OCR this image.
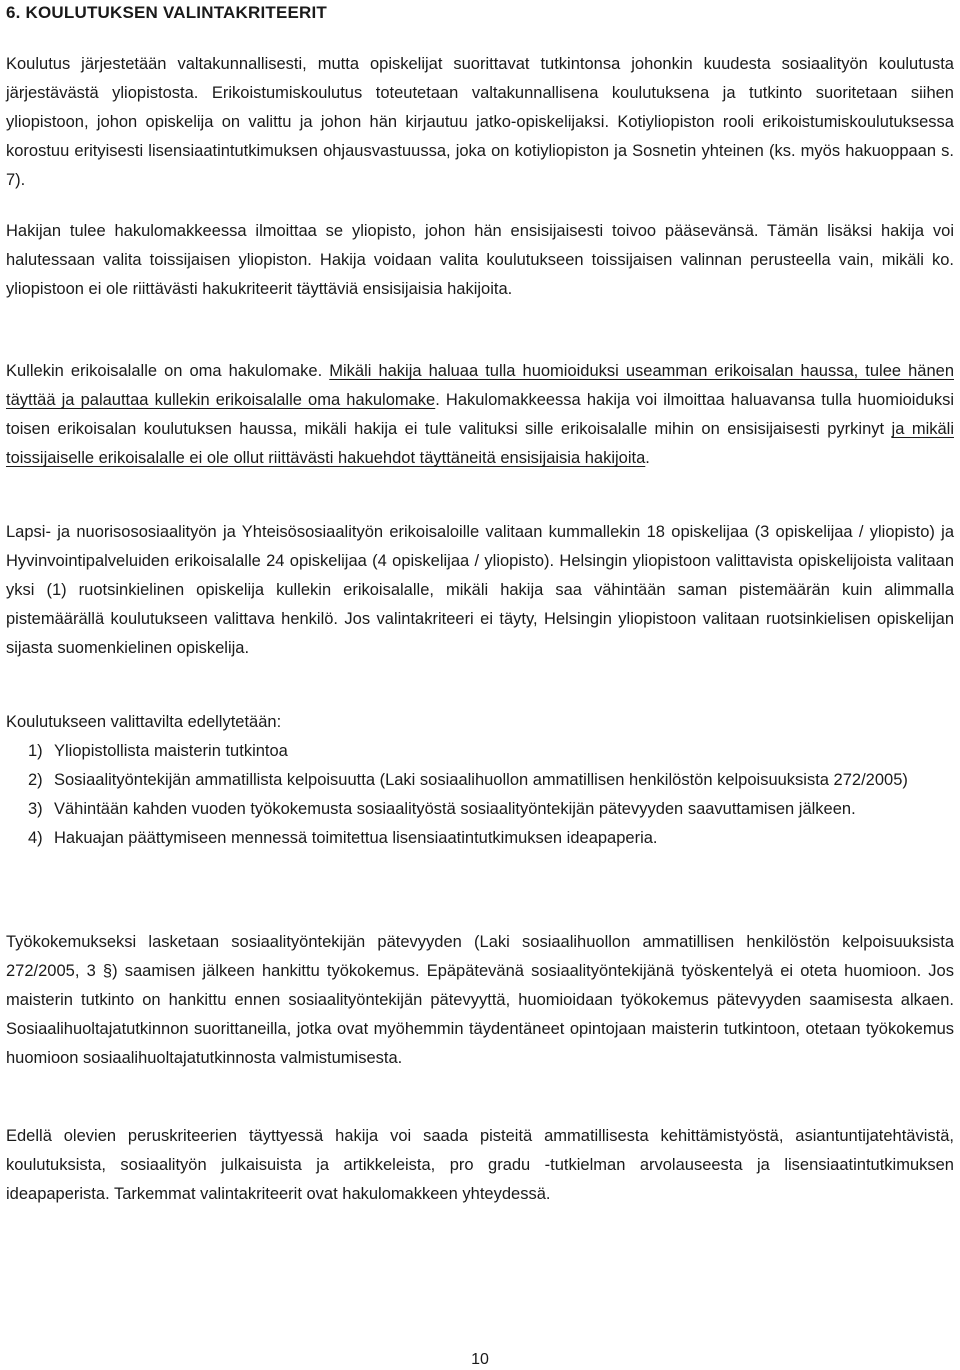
6. KOULUTUKSEN VALINTAKRITEERIT

Koulutus järjestetään valtakunnallisesti, mutta opiskelijat suorittavat tutkintonsa johonkin kuudesta sosiaalityön koulutusta järjestävästä yliopistosta. Erikoistumiskoulutus toteutetaan valtakunnallisena koulutuksena ja tutkinto suoritetaan siihen yliopistoon, johon opiskelija on valittu ja johon hän kirjautuu jatko-opiskelijaksi. Kotiyliopiston rooli erikoistumiskoulutuksessa korostuu erityisesti lisensiaatintutkimuksen ohjausvastuussa, joka on kotiyliopiston ja Sosnetin yhteinen (ks. myös hakuoppaan s. 7).

Hakijan tulee hakulomakkeessa ilmoittaa se yliopisto, johon hän ensisijaisesti toivoo pääsevänsä. Tämän lisäksi hakija voi halutessaan valita toissijaisen yliopiston. Hakija voidaan valita koulutukseen toissijaisen valinnan perusteella vain, mikäli ko. yliopistoon ei ole riittävästi hakukriteerit täyttäviä ensisijaisia hakijoita.

Kullekin erikoisalalle on oma hakulomake. Mikäli hakija haluaa tulla huomioiduksi useamman erikoisalan haussa, tulee hänen täyttää ja palauttaa kullekin erikoisalalle oma hakulomake. Hakulomakkeessa hakija voi ilmoittaa haluavansa tulla huomioiduksi toisen erikoisalan koulutuksen haussa, mikäli hakija ei tule valituksi sille erikoisalalle mihin on ensisijaisesti pyrkinyt ja mikäli toissijaiselle erikoisalalle ei ole ollut riittävästi hakuehdot täyttäneitä ensisijaisia hakijoita.

Lapsi- ja nuorisososiaalityön ja Yhteisösosiaalityön erikoisaloille valitaan kummallekin 18 opiskelijaa (3 opiskelijaa / yliopisto) ja Hyvinvointipalveluiden erikoisalalle 24 opiskelijaa (4 opiskelijaa / yliopisto). Helsingin yliopistoon valittavista opiskelijoista valitaan yksi (1) ruotsinkielinen opiskelija kullekin erikoisalalle, mikäli hakija saa vähintään saman pistemäärän kuin alimmalla pistemäärällä koulutukseen valittava henkilö. Jos valintakriteeri ei täyty, Helsingin yliopistoon valitaan ruotsinkielisen opiskelijan sijasta suomenkielinen opiskelija.

Koulutukseen valittavilta edellytetään:

1) Yliopistollista maisterin tutkintoa
2) Sosiaalityöntekijän ammatillista kelpoisuutta (Laki sosiaalihuollon ammatillisen henkilöstön kelpoisuuksista 272/2005)
3) Vähintään kahden vuoden työkokemusta sosiaalityöstä sosiaalityöntekijän pätevyyden saavuttamisen jälkeen.
4) Hakuajan päättymiseen mennessä toimitettua lisensiaatintutkimuksen ideapaperia.

Työkokemukseksi lasketaan sosiaalityöntekijän pätevyyden (Laki sosiaalihuollon ammatillisen henkilöstön kelpoisuuksista 272/2005, 3 §) saamisen jälkeen hankittu työkokemus. Epäpätevänä sosiaalityöntekijänä työskentelyä ei oteta huomioon. Jos maisterin tutkinto on hankittu ennen sosiaalityöntekijän pätevyyttä, huomioidaan työkokemus pätevyyden saamisesta alkaen. Sosiaalihuoltajatutkinnon suorittaneilla, jotka ovat myöhemmin täydentäneet opintojaan maisterin tutkintoon, otetaan työkokemus huomioon sosiaalihuoltajatutkinnosta valmistumisesta.

Edellä olevien peruskriteerien täyttyessä hakija voi saada pisteitä ammatillisesta kehittämistyöstä, asiantuntijatehtävistä, koulutuksista, sosiaalityön julkaisuista ja artikkeleista, pro gradu -tutkielman arvolauseesta ja lisensiaatintutkimuksen ideapaperista. Tarkemmat valintakriteerit ovat hakulomakkeen yhteydessä.

10
